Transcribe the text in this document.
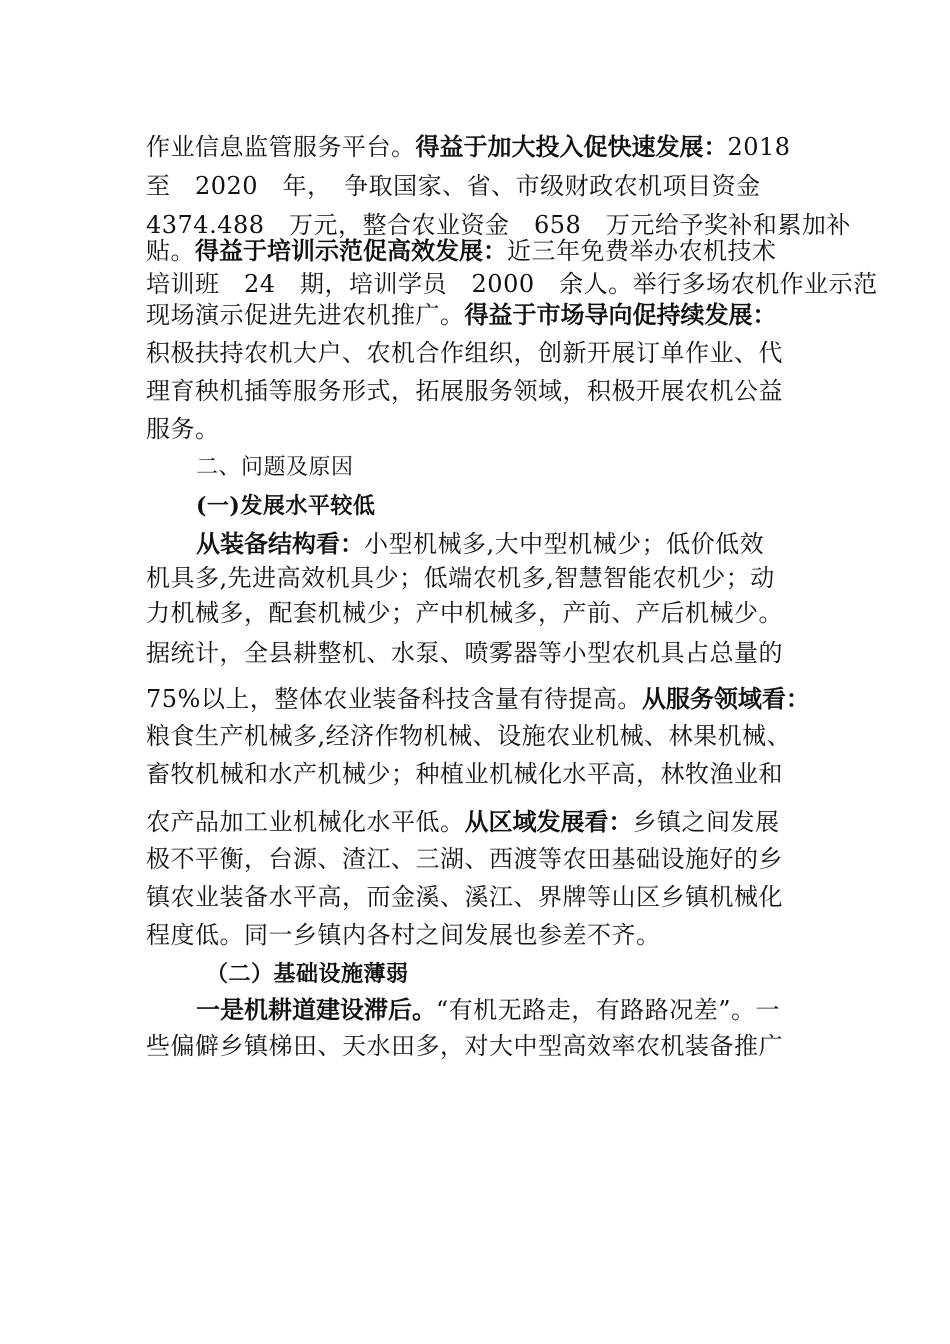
作业信息监管服务平台。得益于加大投入促快速发展：2018
至　2020　年，　争取国家、省、市级财政农机项目资金
4374.488　万元，整合农业资金　658　万元给予奖补和累加补
贴。得益于培训示范促高效发展：近三年免费举办农机技术
培训班　24　期，培训学员　2000　余人。举行多场农机作业示范
现场演示促进先进农机推广。得益于市场导向促持续发展：
积极扶持农机大户、农机合作组织，创新开展订单作业、代
理育秧机插等服务形式，拓展服务领域，积极开展农机公益
服务。
二、问题及原因
(一)发展水平较低
从装备结构看：小型机械多,大中型机械少；低价低效
机具多,先进高效机具少；低端农机多,智慧智能农机少；动
力机械多，配套机械少；产中机械多，产前、产后机械少。
据统计，全县耕整机、水泵、喷雾器等小型农机具占总量的
75%以上，整体农业装备科技含量有待提高。从服务领域看：
粮食生产机械多,经济作物机械、设施农业机械、林果机械、
畜牧机械和水产机械少；种植业机械化水平高，林牧渔业和
农产品加工业机械化水平低。从区域发展看：乡镇之间发展
极不平衡，台源、渣江、三湖、西渡等农田基础设施好的乡
镇农业装备水平高，而金溪、溪江、界牌等山区乡镇机械化
程度低。同一乡镇内各村之间发展也参差不齐。
（二）基础设施薄弱
一是机耕道建设滞后。“有机无路走，有路路况差”。一
些偏僻乡镇梯田、天水田多，对大中型高效率农机装备推广
